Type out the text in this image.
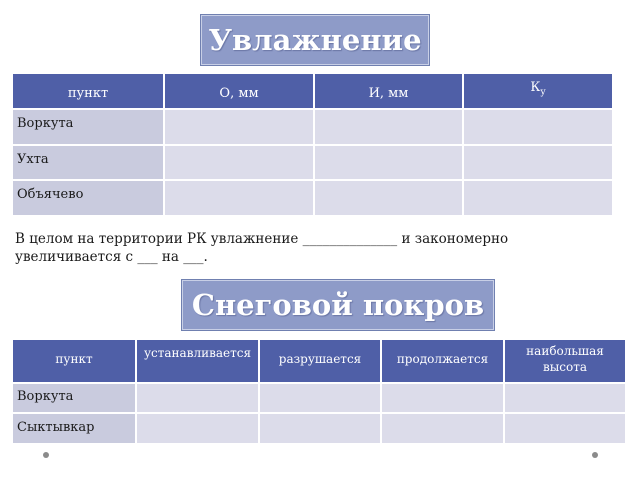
Увлажнение
пункт	О, мм	И, мм	$К_у$

Воркута			

Ухта			

Объячево			

В целом на территории РК увлажнение ______________ и закономерно
увеличивается с ___ на ___.
Снеговой покров
пункт	устанавливается	разрушается	продолжается	наибольшая высота

Воркута				

Сыктывкар				
